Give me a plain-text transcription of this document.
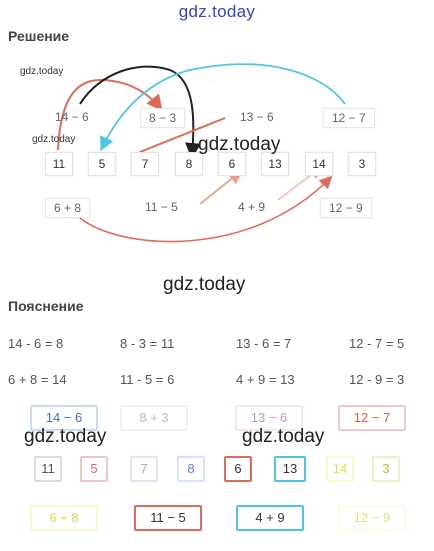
gdz.today
Решение
14 − 6	8 − 3	13 − 6	12 − 7
11	5	7	8	6	13	14	3
6 + 8	11 − 5	4 + 9	12 − 9
gdz.today
gdz.today	gdz.today
gdz.today
Пояснение
14 - 6 = 8	8 - 3 = 11	13 - 6 = 7	12 - 7 = 5
6 + 8 = 14	11 - 5 = 6	4 + 9 = 13	12 - 9 = 3
14 − 6	8 + 3	13 − 6	12 − 7
gdz.today	gdz.today
11	5	7	8	6	13	14	3
6 + 8	11 − 5	4 + 9	12 − 9
